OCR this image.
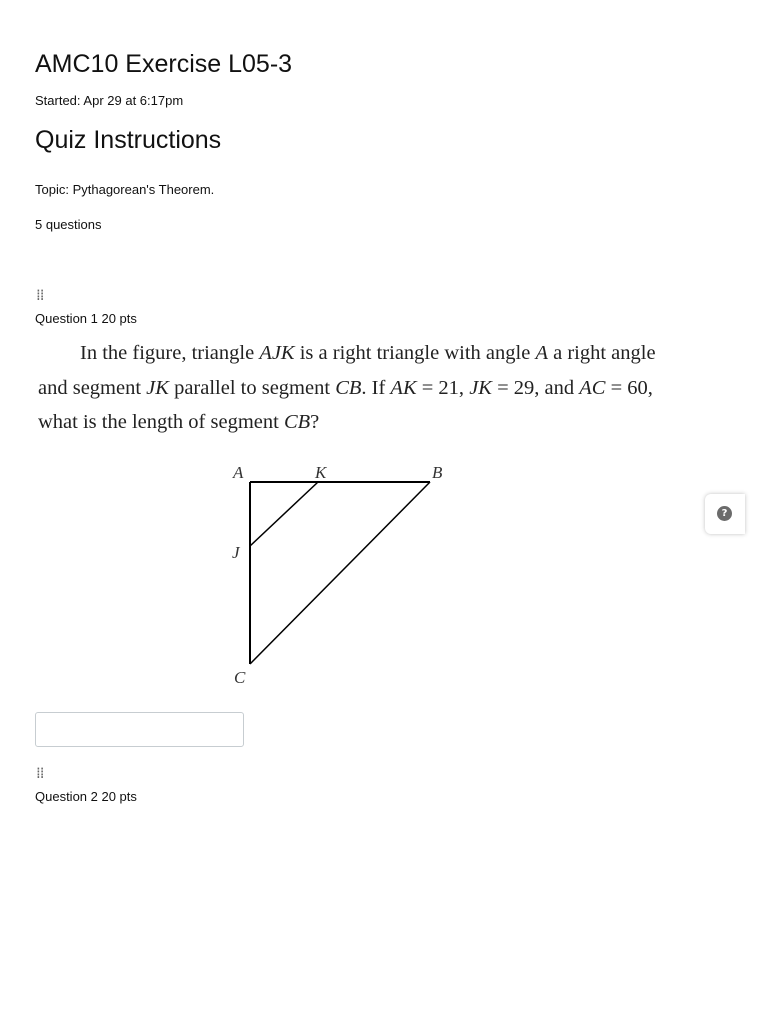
AMC10 Exercise L05-3
Started: Apr 29 at 6:17pm
Quiz Instructions
Topic: Pythagorean's Theorem.
5 questions
⁞⁞
Question 1 20 pts

In the figure, triangle AJK is a right triangle with angle A a right angle and segment JK parallel to segment CB. If AK = 21, JK = 29, and AC = 60, what is the length of segment CB?

A	K	B
J
C
⁞⁞
Question 2 20 pts
?
